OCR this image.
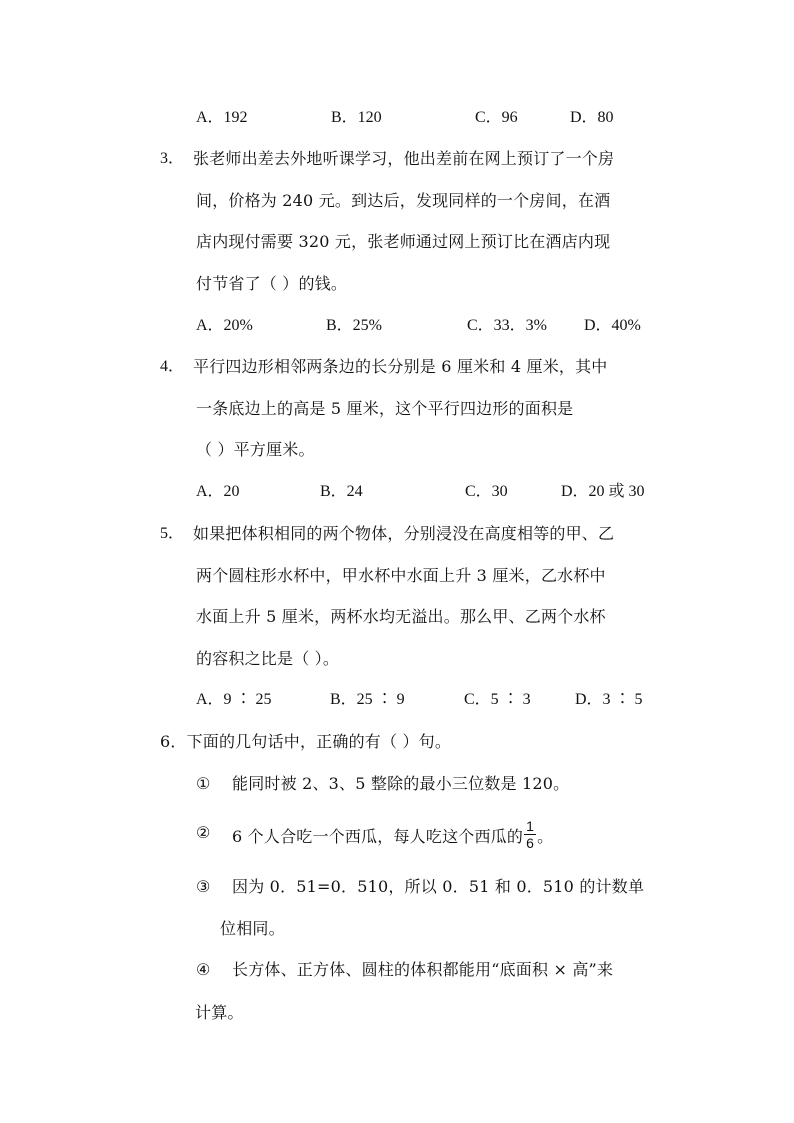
A．192	B．120	C．96	D．80
3． 张老师出差去外地听课学习，他出差前在网上预订了一个房
间，价格为 240 元。到达后，发现同样的一个房间，在酒
店内现付需要 320 元，张老师通过网上预订比在酒店内现
付节省了（ ）的钱。
A．20%	B．25%	C．33．3% D．40%
4． 平行四边形相邻两条边的长分别是 6 厘米和 4 厘米，其中
一条底边上的高是 5 厘米，这个平行四边形的面积是
（ ）平方厘米。
A．20	B．24	C．30	D．20 或 30
5． 如果把体积相同的两个物体，分别浸没在高度相等的甲、乙
两个圆柱形水杯中，甲水杯中水面上升 3 厘米，乙水杯中
水面上升 5 厘米，两杯水均无溢出。那么甲、乙两个水杯
的容积之比是（ ）。
A．9 ∶ 25	B．25 ∶ 9	C．5 ∶ 3	D．3 ∶ 5
6．下面的几句话中，正确的有（ ）句。
① 能同时被 2、3、5 整除的最小三位数是 120。
② 6 个人合吃一个西瓜，每人吃这个西瓜的 $\frac{1}{6}$ 。
③ 因为 0．51=0．510，所以 0．51 和 0．510 的计数单
位相同。
④ 长方体、正方体、圆柱的体积都能用“底面积 × 高”来
计算。
